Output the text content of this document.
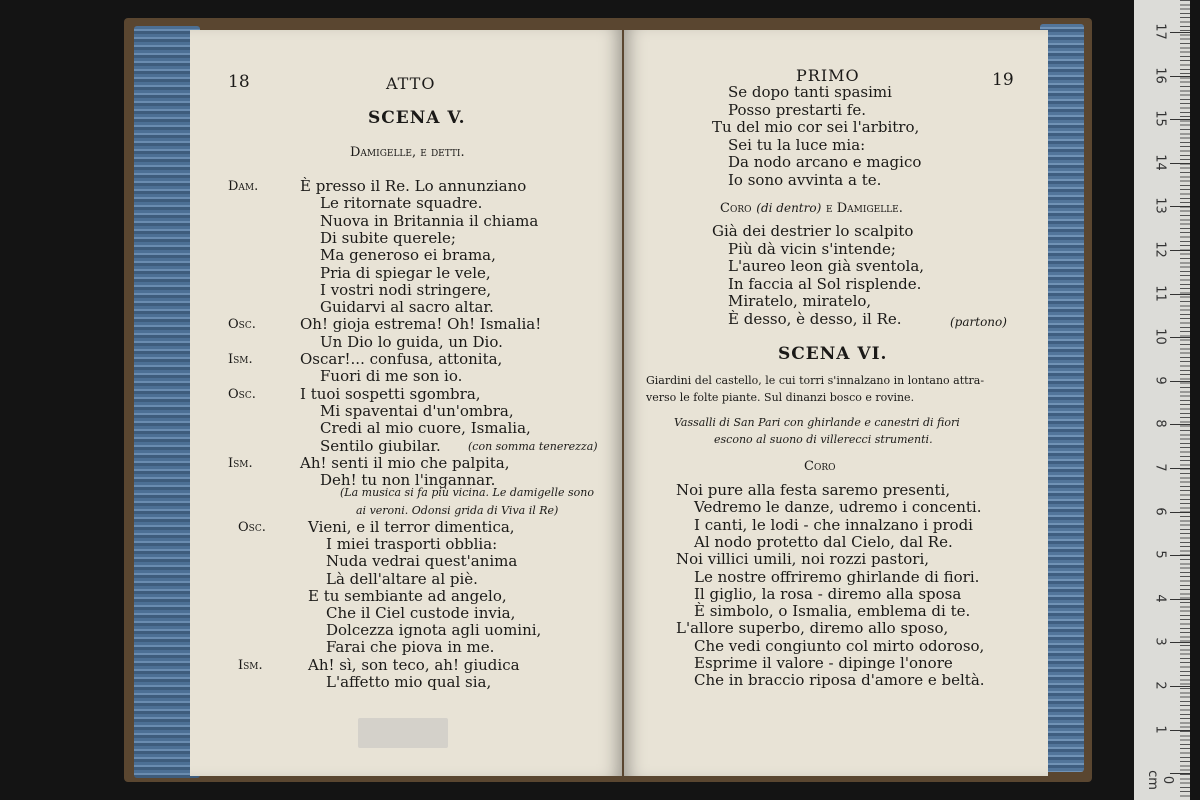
18	ATTO
SCENA V.
Damigelle, e detti.
Dam.	È presso il Re. Lo annunziano
Le ritornate squadre.
Nuova in Britannia il chiama
Di subite querele;
Ma generoso ei brama,
Pria di spiegar le vele,
I vostri nodi stringere,
Guidarvi al sacro altar.
Osc.	Oh! gioja estrema! Oh! Ismalia!
Un Dio lo guida, un Dio.
Ism.	Oscar!... confusa, attonita,
Fuori di me son io.
Osc.	I tuoi sospetti sgombra,
Mi spaventai d'un'ombra,
Credi al mio cuore, Ismalia,
Sentilo giubilar. (con somma tenerezza)
Ism.	Ah! senti il mio che palpita,
Deh! tu non l'ingannar.
(La musica si fa più vicina. Le damigelle sono
ai veroni. Odonsi grida di Viva il Re)
Osc.	Vieni, e il terror dimentica,
I miei trasporti obblia:
Nuda vedrai quest'anima
Là dell'altare al piè.
E tu sembiante ad angelo,
Che il Ciel custode invia,
Dolcezza ignota agli uomini,
Farai che piova in me.
Ism.	Ah! sì, son teco, ah! giudica
L'affetto mio qual sia,
PRIMO	19
Se dopo tanti spasimi
Posso prestarti fe.
Tu del mio cor sei l'arbitro,
Sei tu la luce mia:
Da nodo arcano e magico
Io sono avvinta a te.
Coro (di dentro) e Damigelle.
Già dei destrier lo scalpito
Più dà vicin s'intende;
L'aureo leon già sventola,
In faccia al Sol risplende.
Miratelo, miratelo,
È desso, è desso, il Re.	(partono)
SCENA VI.
Giardini del castello, le cui torri s'innalzano in lontano attra-
verso le folte piante. Sul dinanzi bosco e rovine.
Vassalli di San Pari con ghirlande e canestri di fiori
escono al suono di villerecci strumenti.
Coro
Noi pure alla festa saremo presenti,
Vedremo le danze, udremo i concenti.
I canti, le lodi - che innalzano i prodi
Al nodo protetto dal Cielo, dal Re.
Noi villici umili, noi rozzi pastori,
Le nostre offriremo ghirlande di fiori.
Il giglio, la rosa - diremo alla sposa
È simbolo, o Ismalia, emblema di te.
L'allore superbo, diremo allo sposo,
Che vedi congiunto col mirto odoroso,
Esprime il valore - dipinge l'onore
Che in braccio riposa d'amore e beltà.
17
16
15
14
13
12
11
10
9
8
7
6
5
4
3
2
1
0 cm
